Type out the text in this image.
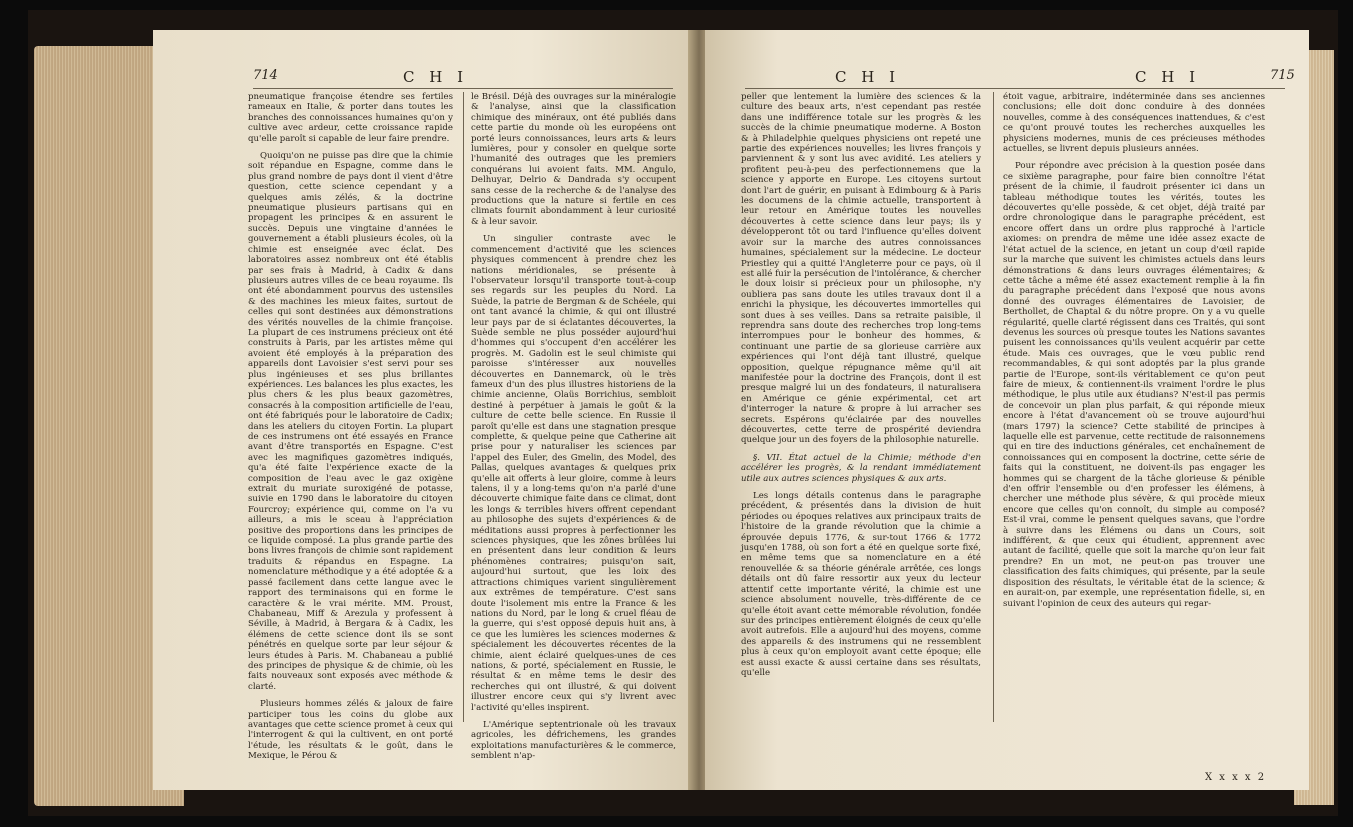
714	C H I

pneumatique françoise étendre ses fertiles rameaux en Italie, & porter dans toutes les branches des connoissances humaines qu'on y cultive avec ardeur, cette croissance rapide qu'elle paroît si capable de leur faire prendre.

Quoiqu'on ne puisse pas dire que la chimie soit répandue en Espagne, comme dans le plus grand nombre de pays dont il vient d'être question, cette science cependant y a quelques amis zélés, & la doctrine pneumatique plusieurs partisans qui en propagent les principes & en assurent le succès. Depuis une vingtaine d'années le gouvernement a établi plusieurs écoles, où la chimie est enseignée avec éclat. Des laboratoires assez nombreux ont été établis par ses frais à Madrid, à Cadix & dans plusieurs autres villes de ce beau royaume. Ils ont été abondamment pourvus des ustensiles & des machines les mieux faites, surtout de celles qui sont destinées aux démonstrations des vérités nouvelles de la chimie françoise. La plupart de ces instrumens précieux ont été construits à Paris, par les artistes même qui avoient été employés à la préparation des appareils dont Lavoisier s'est servi pour ses plus ingénieuses et ses plus brillantes expériences. Les balances les plus exactes, les plus chers & les plus beaux gazomètres, consacrés à la composition artificielle de l'eau, ont été fabriqués pour le laboratoire de Cadix; dans les ateliers du citoyen Fortin. La plupart de ces instrumens ont été essayés en France avant d'être transportés en Espagne. C'est avec les magnifiques gazomètres indiqués, qu'a été faite l'expérience exacte de la composition de l'eau avec le gaz oxigène extrait du muriate suroxigéné de potasse, suivie en 1790 dans le laboratoire du citoyen Fourcroy; expérience qui, comme on l'a vu ailleurs, a mis le sceau à l'appréciation positive des proportions dans les principes de ce liquide composé. La plus grande partie des bons livres françois de chimie sont rapidement traduits & répandus en Espagne. La nomenclature méthodique y a été adoptée & a passé facilement dans cette langue avec le rapport des terminaisons qui en forme le caractère & le vrai mérite. MM. Proust, Chabaneau, Miff & Arezula y professent à Séville, à Madrid, à Bergara & à Cadix, les élémens de cette science dont ils se sont pénétrés en quelque sorte par leur séjour & leurs études à Paris. M. Chabaneau a publié des principes de physique & de chimie, où les faits nouveaux sont exposés avec méthode & clarté.

Plusieurs hommes zélés & jaloux de faire participer tous les coins du globe aux avantages que cette science promet à ceux qui l'interrogent & qui la cultivent, en ont porté l'étude, les résultats & le goût, dans le Mexique, le Pérou &

le Brésil. Déjà des ouvrages sur la minéralogie & l'analyse, ainsi que la classification chimique des minéraux, ont été publiés dans cette partie du monde où les européens ont porté leurs connoissances, leurs arts & leurs lumières, pour y consoler en quelque sorte l'humanité des outrages que les premiers conquérans lui avoient faits. MM. Angulo, Delhuyar, Delrio & Dandrada s'y occupent sans cesse de la recherche & de l'analyse des productions que la nature si fertile en ces climats fournit abondamment à leur curiosité & à leur savoir.

Un singulier contraste avec le commencement d'activité que les sciences physiques commencent à prendre chez les nations méridionales, se présente à l'observateur lorsqu'il transporte tout-à-coup ses regards sur les peuples du Nord. La Suède, la patrie de Bergman & de Schéele, qui ont tant avancé la chimie, & qui ont illustré leur pays par de si éclatantes découvertes, la Suède semble ne plus posséder aujourd'hui d'hommes qui s'occupent d'en accélérer les progrès. M. Gadolin est le seul chimiste qui paroisse s'intéresser aux nouvelles découvertes en Dannemarck, où le très fameux d'un des plus illustres historiens de la chimie ancienne, Olaüs Borrichius, sembloit destiné à perpétuer à jamais le goût & la culture de cette belle science. En Russie il paroît qu'elle est dans une stagnation presque complette, & quelque peine que Catherine ait prise pour y naturaliser les sciences par l'appel des Euler, des Gmelin, des Model, des Pallas, quelques avantages & quelques prix qu'elle ait offerts à leur gloire, comme à leurs talens, il y a long-tems qu'on n'a parlé d'une découverte chimique faite dans ce climat, dont les longs & terribles hivers offrent cependant au philosophe des sujets d'expériences & de méditations aussi propres à perfectionner les sciences physiques, que les zônes brûlées lui en présentent dans leur condition & leurs phénomènes contraires; puisqu'on sait, aujourd'hui surtout, que les loix des attractions chimiques varient singulièrement aux extrêmes de température. C'est sans doute l'isolement mis entre la France & les nations du Nord, par le long & cruel fléau de la guerre, qui s'est opposé depuis huit ans, à ce que les lumières les sciences modernes & spécialement les découvertes récentes de la chimie, aient éclairé quelques-unes de ces nations, & porté, spécialement en Russie, le résultat & en même tems le desir des recherches qui ont illustré, & qui doivent illustrer encore ceux qui s'y livrent avec l'activité qu'elles inspirent.

L'Amérique septentrionale où les travaux agricoles, les défrichemens, les grandes exploitations manufacturières & le commerce, semblent n'ap-

C H I	C H I	715

peller que lentement la lumière des sciences & la culture des beaux arts, n'est cependant pas restée dans une indifférence totale sur les progrès & les succès de la chimie pneumatique moderne. A Boston & à Philadelphie quelques physiciens ont repeté une partie des expériences nouvelles; les livres françois y parviennent & y sont lus avec avidité. Les ateliers y profitent peu-à-peu des perfectionnemens que la science y apporte en Europe. Les citoyens surtout dont l'art de guérir, en puisant à Edimbourg & à Paris les documens de la chimie actuelle, transportent à leur retour en Amérique toutes les nouvelles découvertes à cette science dans leur pays; ils y développeront tôt ou tard l'influence qu'elles doivent avoir sur la marche des autres connoissances humaines, spécialement sur la médecine. Le docteur Priestley qui a quitté l'Angleterre pour ce pays, où il est allé fuir la persécution de l'intolérance, & chercher le doux loisir si précieux pour un philosophe, n'y oubliera pas sans doute les utiles travaux dont il a enrichi la physique, les découvertes immortelles qui sont dues à ses veilles. Dans sa retraite paisible, il reprendra sans doute des recherches trop long-tems interrompues pour le bonheur des hommes, & continuant une partie de sa glorieuse carrière aux expériences qui l'ont déjà tant illustré, quelque opposition, quelque répugnance même qu'il ait manifestée pour la doctrine des François, dont il est presque malgré lui un des fondateurs, il naturalisera en Amérique ce génie expérimental, cet art d'interroger la nature & propre à lui arracher ses secrets. Espérons qu'éclairée par des nouvelles découvertes, cette terre de prospérité deviendra quelque jour un des foyers de la philosophie naturelle.

§. VII. État actuel de la Chimie; méthode d'en accélérer les progrès, & la rendant immédiatement utile aux autres sciences physiques & aux arts.

Les longs détails contenus dans le paragraphe précédent, & présentés dans la division de huit périodes ou époques relatives aux principaux traits de l'histoire de la grande révolution que la chimie a éprouvée depuis 1776, & sur-tout 1766 & 1772 jusqu'en 1788, où son fort a été en quelque sorte fixé, en même tems que sa nomenclature en a été renouvellée & sa théorie générale arrêtée, ces longs détails ont dû faire ressortir aux yeux du lecteur attentif cette importante vérité, la chimie est une science absolument nouvelle, très-différente de ce qu'elle étoit avant cette mémorable révolution, fondée sur des principes entièrement éloignés de ceux qu'elle avoit autrefois. Elle a aujourd'hui des moyens, comme des appareils & des instrumens qui ne ressemblent plus à ceux qu'on employoit avant cette époque; elle est aussi exacte & aussi certaine dans ses résultats, qu'elle

étoit vague, arbitraire, indéterminée dans ses anciennes conclusions; elle doit donc conduire à des données nouvelles, comme à des conséquences inattendues, & c'est ce qu'ont prouvé toutes les recherches auxquelles les physiciens modernes, munis de ces précieuses méthodes actuelles, se livrent depuis plusieurs années.

Pour répondre avec précision à la question posée dans ce sixième paragraphe, pour faire bien connoître l'état présent de la chimie, il faudroit présenter ici dans un tableau méthodique toutes les vérités, toutes les découvertes qu'elle possède, & cet objet, déjà traité par ordre chronologique dans le paragraphe précédent, est encore offert dans un ordre plus rapproché à l'article axiomes: on prendra de même une idée assez exacte de l'état actuel de la science, en jetant un coup d'œil rapide sur la marche que suivent les chimistes actuels dans leurs démonstrations & dans leurs ouvrages élémentaires; & cette tâche a même été assez exactement remplie à la fin du paragraphe précédent dans l'exposé que nous avons donné des ouvrages élémentaires de Lavoisier, de Berthollet, de Chaptal & du nôtre propre. On y a vu quelle régularité, quelle clarté régissent dans ces Traités, qui sont devenus les sources où presque toutes les Nations savantes puisent les connoissances qu'ils veulent acquérir par cette étude. Mais ces ouvrages, que le vœu public rend recommandables, & qui sont adoptés par la plus grande partie de l'Europe, sont-ils véritablement ce qu'on peut faire de mieux, & contiennent-ils vraiment l'ordre le plus méthodique, le plus utile aux étudians? N'est-il pas permis de concevoir un plan plus parfait, & qui réponde mieux encore à l'état d'avancement où se trouve aujourd'hui (mars 1797) la science? Cette stabilité de principes à laquelle elle est parvenue, cette rectitude de raisonnemens qui en tire des inductions générales, cet enchaînement de connoissances qui en composent la doctrine, cette série de faits qui la constituent, ne doivent-ils pas engager les hommes qui se chargent de la tâche glorieuse & pénible d'en offrir l'ensemble ou d'en professer les élémens, à chercher une méthode plus sévère, & qui procède mieux encore que celles qu'on connoît, du simple au composé? Est-il vrai, comme le pensent quelques savans, que l'ordre à suivre dans les Élémens ou dans un Cours, soit indifférent, & que ceux qui étudient, apprennent avec autant de facilité, quelle que soit la marche qu'on leur fait prendre? En un mot, ne peut-on pas trouver une classification des faits chimiques, qui présente, par la seule disposition des résultats, le véritable état de la science; & en aurait-on, par exemple, une représentation fidelle, si, en suivant l'opinion de ceux des auteurs qui regar-

X x x x 2
